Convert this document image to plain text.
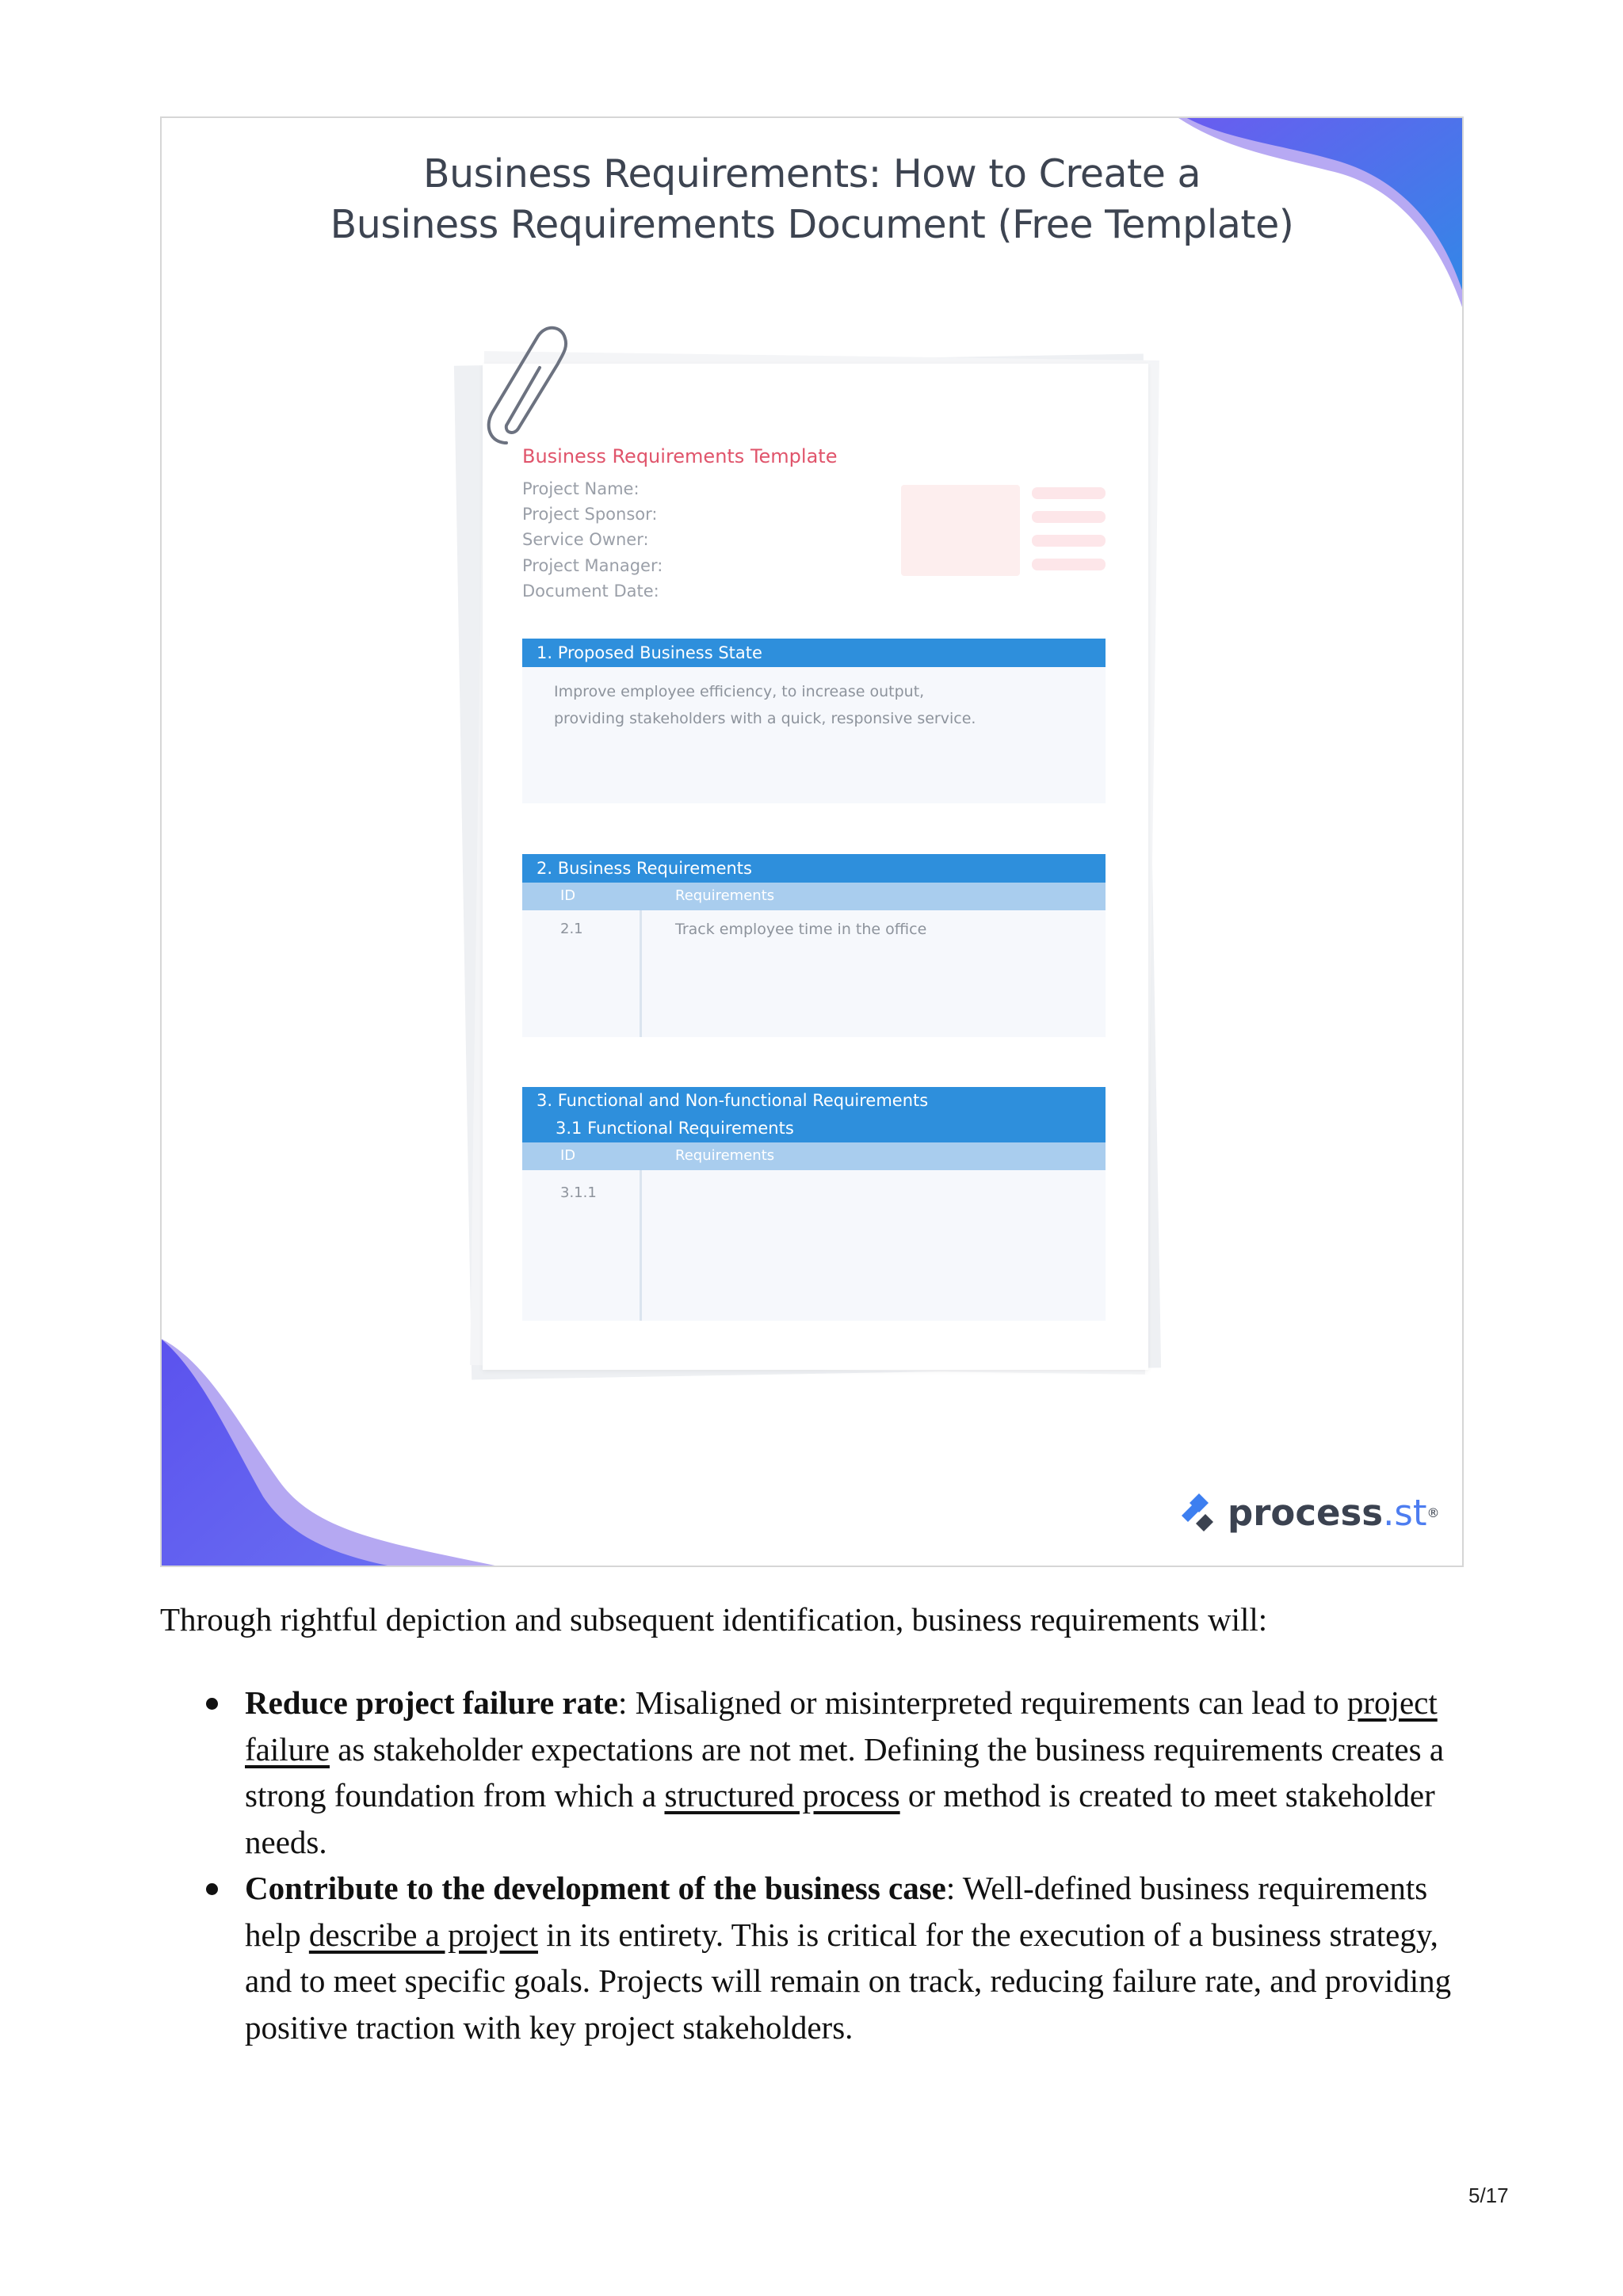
Business Requirements: How to Create a
Business Requirements Document (Free Template)
Business Requirements Template
Project Name:
Project Sponsor:
Service Owner:
Project Manager:
Document Date:
1. Proposed Business State
Improve employee efficiency, to increase output,
providing stakeholders with a quick, responsive service.
2. Business Requirements
ID	Requirements
2.1	Track employee time in the office
3. Functional and Non-functional Requirements
3.1 Functional Requirements
ID	Requirements
3.1.1
process .st ®
Through rightful depiction and subsequent identification, business requirements will:
Reduce project failure rate: Misaligned or misinterpreted requirements can lead to project failure as stakeholder expectations are not met. Defining the business requirements creates a strong foundation from which a structured process or method is created to meet stakeholder needs.
Contribute to the development of the business case: Well-defined business requirements help describe a project in its entirety. This is critical for the execution of a business strategy, and to meet specific goals. Projects will remain on track, reducing failure rate, and providing positive traction with key project stakeholders.
5/17
